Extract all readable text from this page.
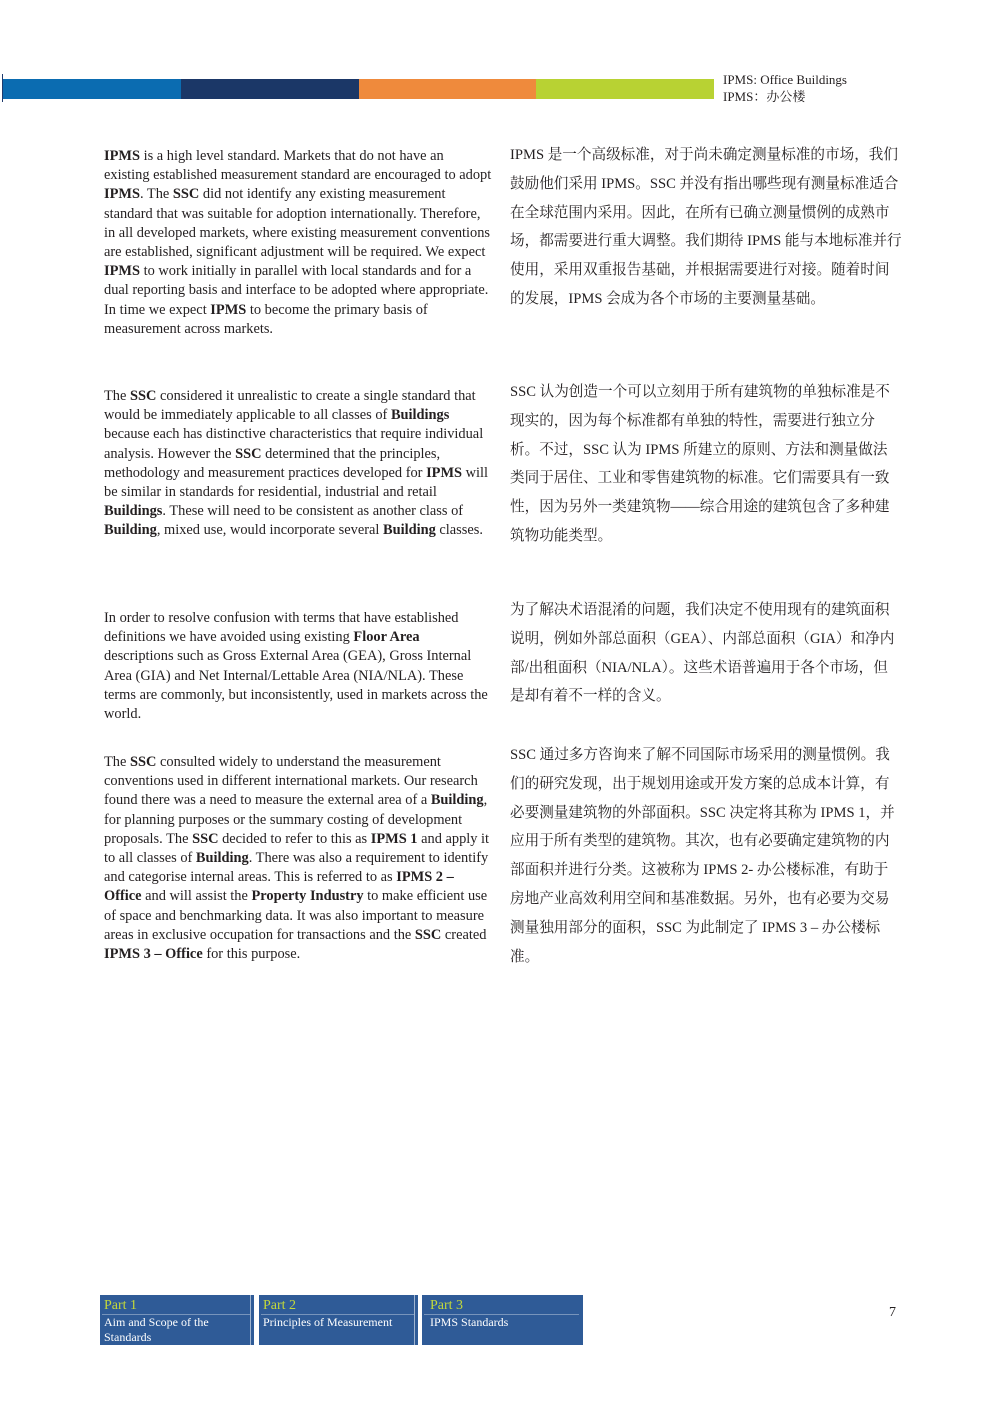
IPMS: Office Buildings
IPMS：办公楼

IPMS is a high level standard. Markets that do not have an existing established measurement standard are encouraged to adopt IPMS. The SSC did not identify any existing measurement standard that was suitable for adoption internationally. Therefore, in all developed markets, where existing measurement conventions are established, significant adjustment will be required. We expect IPMS to work initially in parallel with local standards and for a dual reporting basis and interface to be adopted where appropriate. In time we expect IPMS to become the primary basis of measurement across markets.

The SSC considered it unrealistic to create a single standard that would be immediately applicable to all classes of Buildings because each has distinctive characteristics that require individual analysis. However the SSC determined that the principles, methodology and measurement practices developed for IPMS will be similar in standards for residential, industrial and retail Buildings. These will need to be consistent as another class of Building, mixed use, would incorporate several Building classes.

In order to resolve confusion with terms that have established definitions we have avoided using existing Floor Area descriptions such as Gross External Area (GEA), Gross Internal Area (GIA) and Net Internal/Lettable Area (NIA/NLA). These terms are commonly, but inconsistently, used in markets across the world.

The SSC consulted widely to understand the measurement conventions used in different international markets. Our research found there was a need to measure the external area of a Building, for planning purposes or the summary costing of development proposals. The SSC decided to refer to this as IPMS 1 and apply it to all classes of Building. There was also a requirement to identify and categorise internal areas. This is referred to as IPMS 2 – Office and will assist the Property Industry to make efficient use of space and benchmarking data. It was also important to measure areas in exclusive occupation for transactions and the SSC created IPMS 3 – Office for this purpose.

IPMS 是一个高级标准，对于尚未确定测量标准的市场，我们鼓励他们采用 IPMS。SSC 并没有指出哪些现有测量标准适合在全球范围内采用。因此，在所有已确立测量惯例的成熟市场，都需要进行重大调整。我们期待 IPMS 能与本地标准并行使用，采用双重报告基础，并根据需要进行对接。随着时间的发展，IPMS 会成为各个市场的主要测量基础。

SSC 认为创造一个可以立刻用于所有建筑物的单独标准是不现实的，因为每个标准都有单独的特性，需要进行独立分析。不过，SSC 认为 IPMS 所建立的原则、方法和测量做法类同于居住、工业和零售建筑物的标准。它们需要具有一致性，因为另外一类建筑物——综合用途的建筑包含了多种建筑物功能类型。

为了解决术语混淆的问题，我们决定不使用现有的建筑面积说明，例如外部总面积（GEA）、内部总面积（GIA）和净内部/出租面积（NIA/NLA）。这些术语普遍用于各个市场，但是却有着不一样的含义。

SSC 通过多方咨询来了解不同国际市场采用的测量惯例。我们的研究发现，出于规划用途或开发方案的总成本计算，有必要测量建筑物的外部面积。SSC 决定将其称为 IPMS 1，并应用于所有类型的建筑物。其次，也有必要确定建筑物的内部面积并进行分类。这被称为 IPMS 2- 办公楼标准，有助于房地产业高效利用空间和基准数据。另外，也有必要为交易测量独用部分的面积，SSC 为此制定了 IPMS 3 – 办公楼标准。

Part 1
Aim and Scope of the Standards
Part 2
Principles of Measurement
Part 3
IPMS Standards
7
